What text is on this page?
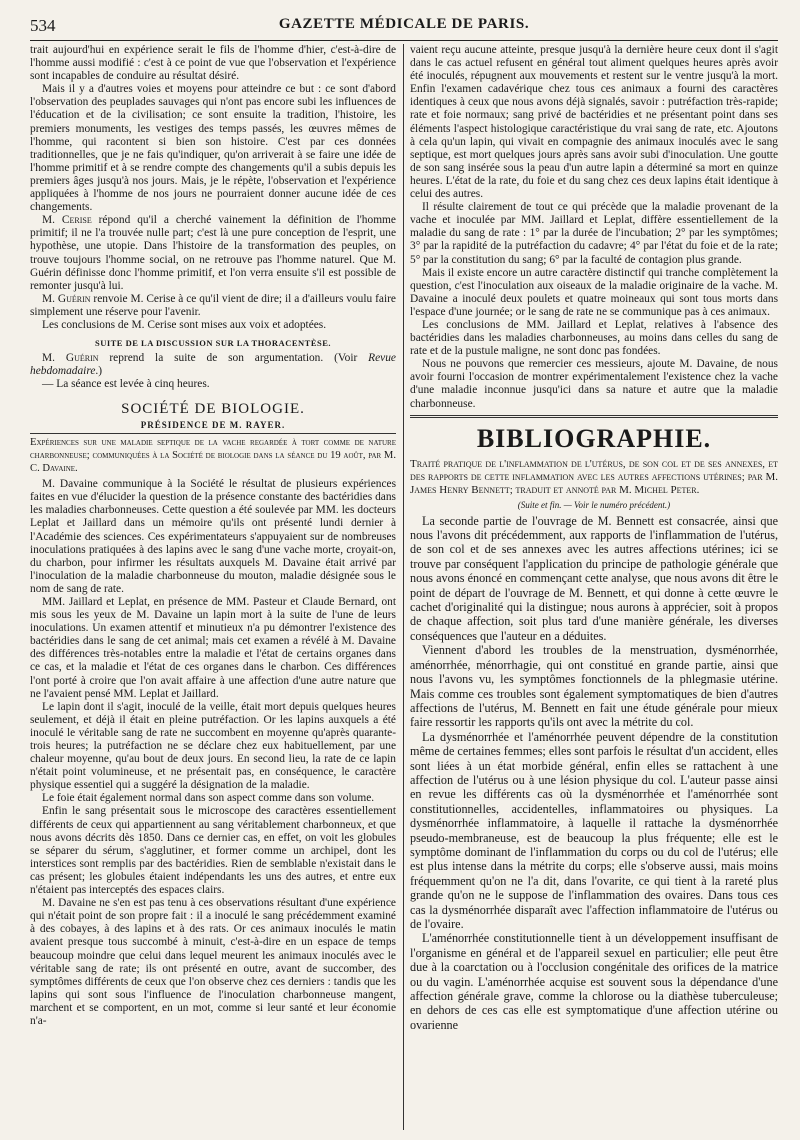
534	GAZETTE MÉDICALE DE PARIS.

trait aujourd'hui en expérience serait le fils de l'homme d'hier, c'est-à-dire de l'homme aussi modifié : c'est à ce point de vue que l'observation et l'expérience sont incapables de conduire au résultat désiré.

Mais il y a d'autres voies et moyens pour atteindre ce but : ce sont d'abord l'observation des peuplades sauvages qui n'ont pas encore subi les influences de l'éducation et de la civilisation; ce sont ensuite la tradition, l'histoire, les premiers monuments, les vestiges des temps passés, les œuvres mêmes de l'homme, qui racontent si bien son histoire. C'est par ces données traditionnelles, que je ne fais qu'indiquer, qu'on arriverait à se faire une idée de l'homme primitif et à se rendre compte des changements qu'il a subis depuis les premiers âges jusqu'à nos jours. Mais, je le répète, l'observation et l'expérience appliquées à l'homme de nos jours ne pourraient donner aucune idée de ces changements.

M. Cerise répond qu'il a cherché vainement la définition de l'homme primitif; il ne l'a trouvée nulle part; c'est là une pure conception de l'esprit, une hypothèse, une utopie. Dans l'histoire de la transformation des peuples, on trouve toujours l'homme social, on ne retrouve pas l'homme naturel. Que M. Guérin définisse donc l'homme primitif, et l'on verra ensuite s'il est possible de remonter jusqu'à lui.

M. Guérin renvoie M. Cerise à ce qu'il vient de dire; il a d'ailleurs voulu faire simplement une réserve pour l'avenir.

Les conclusions de M. Cerise sont mises aux voix et adoptées.

SUITE DE LA DISCUSSION SUR LA THORACENTÈSE.

M. Guérin reprend la suite de son argumentation. (Voir Revue hebdomadaire.)

— La séance est levée à cinq heures.

SOCIÉTÉ DE BIOLOGIE.
PRÉSIDENCE DE M. RAYER.

Expériences sur une maladie septique de la vache regardée à tort comme de nature charbonneuse; communiquées à la Société de biologie dans la séance du 19 août, par M. C. Davaine.

M. Davaine communique à la Société le résultat de plusieurs expériences faites en vue d'élucider la question de la présence constante des bactéridies dans les maladies charbonneuses. Cette question a été soulevée par MM. les docteurs Leplat et Jaillard dans un mémoire qu'ils ont présenté lundi dernier à l'Académie des sciences. Ces expérimentateurs s'appuyaient sur de nombreuses inoculations pratiquées à des lapins avec le sang d'une vache morte, croyait-on, du charbon, pour infirmer les résultats auxquels M. Davaine était arrivé par l'inoculation de la maladie charbonneuse du mouton, maladie désignée sous le nom de sang de rate.

MM. Jaillard et Leplat, en présence de MM. Pasteur et Claude Bernard, ont mis sous les yeux de M. Davaine un lapin mort à la suite de l'une de leurs inoculations. Un examen attentif et minutieux n'a pu démontrer l'existence des bactéridies dans le sang de cet animal; mais cet examen a révélé à M. Davaine des différences très-notables entre la maladie et l'état de certains organes dans ce cas, et la maladie et l'état de ces organes dans le charbon. Ces différences l'ont porté à croire que l'on avait affaire à une affection d'une autre nature que ne l'avaient pensé MM. Leplat et Jaillard.

Le lapin dont il s'agit, inoculé de la veille, était mort depuis quelques heures seulement, et déjà il était en pleine putréfaction. Or les lapins auxquels a été inoculé le véritable sang de rate ne succombent en moyenne qu'après quarante-trois heures; la putréfaction ne se déclare chez eux habituellement, par une chaleur moyenne, qu'au bout de deux jours. En second lieu, la rate de ce lapin n'était point volumineuse, et ne présentait pas, en conséquence, le caractère physique essentiel qui a suggéré la désignation de la maladie.

Le foie était également normal dans son aspect comme dans son volume.

Enfin le sang présentait sous le microscope des caractères essentiellement différents de ceux qui appartiennent au sang véritablement charbonneux, et que nous avons décrits dès 1850. Dans ce dernier cas, en effet, on voit les globules se séparer du sérum, s'agglutiner, et former comme un archipel, dont les interstices sont remplis par des bactéridies. Rien de semblable n'existait dans le cas présent; les globules étaient indépendants les uns des autres, et entre eux n'étaient pas interceptés des espaces clairs.

M. Davaine ne s'en est pas tenu à ces observations résultant d'une expérience qui n'était point de son propre fait : il a inoculé le sang précédemment examiné à des cobayes, à des lapins et à des rats. Or ces animaux inoculés le matin avaient presque tous succombé à minuit, c'est-à-dire en un espace de temps beaucoup moindre que celui dans lequel meurent les animaux inoculés avec le véritable sang de rate; ils ont présenté en outre, avant de succomber, des symptômes différents de ceux que l'on observe chez ces derniers : tandis que les lapins qui sont sous l'influence de l'inoculation charbonneuse mangent, marchent et se comportent, en un mot, comme si leur santé et leur économie n'a-

vaient reçu aucune atteinte, presque jusqu'à la dernière heure ceux dont il s'agit dans le cas actuel refusent en général tout aliment quelques heures après avoir été inoculés, répugnent aux mouvements et restent sur le ventre jusqu'à la mort. Enfin l'examen cadavérique chez tous ces animaux a fourni des caractères identiques à ceux que nous avons déjà signalés, savoir : putréfaction très-rapide; rate et foie normaux; sang privé de bactéridies et ne présentant point dans ses éléments l'aspect histologique caractéristique du vrai sang de rate, etc. Ajoutons à cela qu'un lapin, qui vivait en compagnie des animaux inoculés avec le sang septique, est mort quelques jours après sans avoir subi d'inoculation. Une goutte de son sang insérée sous la peau d'un autre lapin a déterminé sa mort en quinze heures. L'état de la rate, du foie et du sang chez ces deux lapins était identique à celui des autres.

Il résulte clairement de tout ce qui précède que la maladie provenant de la vache et inoculée par MM. Jaillard et Leplat, diffère essentiellement de la maladie du sang de rate : 1° par la durée de l'incubation; 2° par les symptômes; 3° par la rapidité de la putréfaction du cadavre; 4° par l'état du foie et de la rate; 5° par la constitution du sang; 6° par la faculté de contagion plus grande.

Mais il existe encore un autre caractère distinctif qui tranche complètement la question, c'est l'inoculation aux oiseaux de la maladie originaire de la vache. M. Davaine a inoculé deux poulets et quatre moineaux qui sont tous morts dans l'espace d'une journée; or le sang de rate ne se communique pas à ces animaux.

Les conclusions de MM. Jaillard et Leplat, relatives à l'absence des bactéridies dans les maladies charbonneuses, au moins dans celles du sang de rate et de la pustule maligne, ne sont donc pas fondées.

Nous ne pouvons que remercier ces messieurs, ajoute M. Davaine, de nous avoir fourni l'occasion de montrer expérimentalement l'existence chez la vache d'une maladie inconnue jusqu'ici dans sa nature et autre que la maladie charbonneuse.

BIBLIOGRAPHIE.

Traité pratique de l'inflammation de l'utérus, de son col et de ses annexes, et des rapports de cette inflammation avec les autres affections utérines; par M. James Henry Bennett; traduit et annoté par M. Michel Peter.

(Suite et fin. — Voir le numéro précédent.)

La seconde partie de l'ouvrage de M. Bennett est consacrée, ainsi que nous l'avons dit précédemment, aux rapports de l'inflammation de l'utérus, de son col et de ses annexes avec les autres affections utérines; ici se trouve par conséquent l'application du principe de pathologie générale que nous avons énoncé en commençant cette analyse, que nous avons dit être le point de départ de l'ouvrage de M. Bennett, et qui donne à cette œuvre le cachet d'originalité qui la distingue; nous aurons à apprécier, soit à propos de chaque affection, soit plus tard d'une manière générale, les diverses conséquences que l'auteur en a déduites.

Viennent d'abord les troubles de la menstruation, dysménorrhée, aménorrhée, ménorrhagie, qui ont constitué en grande partie, ainsi que nous l'avons vu, les symptômes fonctionnels de la phlegmasie utérine. Mais comme ces troubles sont également symptomatiques de bien d'autres affections de l'utérus, M. Bennett en fait une étude générale pour mieux faire ressortir les rapports qu'ils ont avec la métrite du col.

La dysménorrhée et l'aménorrhée peuvent dépendre de la constitution même de certaines femmes; elles sont parfois le résultat d'un accident, elles sont liées à un état morbide général, enfin elles se rattachent à une affection de l'utérus ou à une lésion physique du col. L'auteur passe ainsi en revue les différents cas où la dysménorrhée et l'aménorrhée sont constitutionnelles, accidentelles, inflammatoires ou physiques. La dysménorrhée inflammatoire, à laquelle il rattache la dysménorrhée pseudo-membraneuse, est de beaucoup la plus fréquente; elle est le symptôme dominant de l'inflammation du corps ou du col de l'utérus; elle est plus intense dans la métrite du corps; elle s'observe aussi, mais moins fréquemment qu'on ne l'a dit, dans l'ovarite, ce qui tient à la rareté plus grande qu'on ne le suppose de l'inflammation des ovaires. Dans tous ces cas la dysménorrhée disparaît avec l'affection inflammatoire de l'utérus ou de l'ovaire.

L'aménorrhée constitutionnelle tient à un développement insuffisant de l'organisme en général et de l'appareil sexuel en particulier; elle peut être due à la coarctation ou à l'occlusion congénitale des orifices de la matrice ou du vagin. L'aménorrhée acquise est souvent sous la dépendance d'une affection générale grave, comme la chlorose ou la diathèse tuberculeuse; en dehors de ces cas elle est symptomatique d'une affection utérine ou ovarienne
